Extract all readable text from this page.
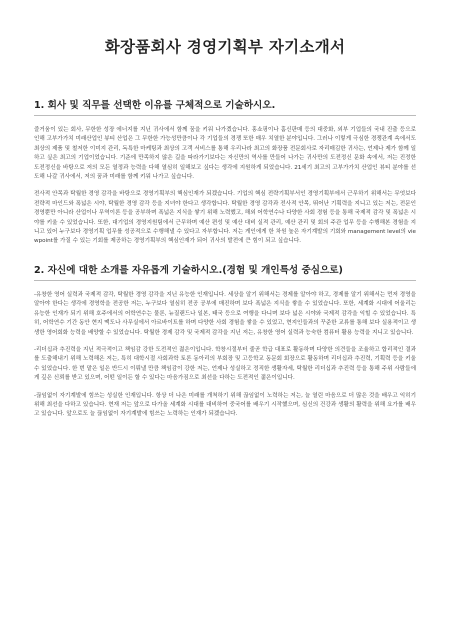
화장품회사 경영기획부 자기소개서
1. 회사 및 직무를 선택한 이유를 구체적으로 기술하시오.

즐거움이 있는 회사, 무한한 성장 에너지를 지닌 귀사에서 함께 꿈을 키워 나가겠습니다. 홍쇼핑이나 홈신판매 등의 대중화, 외부 기업들의 국내 진출 등으로 인해 고부가가치 미래산업인 뷰티 산업은 그 무한한 가능성만큼이나 각 기업들의 경쟁 또한 매우 치열한 분야입니다. 그러나 이렇게 극심한 경쟁관계 속에서도 최상의 제품 및 철저한 이미지 관리, 독특한 마케팅과 최상의 고객 서비스를 통해 우리나라 최고의 화장품 전문회사로 자리매김한 귀사는, 언제나 제가 함께 일하고 싶은 최고의 기업이었습니다. 기준에 만족하지 않은 길을 따라가기보다는 자신만의 역사를 만들어 나가는 귀사만의 도전정신 문화 속에서, 저는 진정한 도전정신을 바탕으로 저의 모든 열정과 능력을 다해 열심히 일해보고 싶다는 생각에 지원하게 되었습니다. 21세기 최고의 고부가가치 산업인 뷰티 분야를 선도해 나갈 귀사에서, 저의 꿈과 미래를 함께 키워 나가고 싶습니다.

전사적 안목과 탁월한 경영 감각을 바탕으로 경영기획부의 핵심인재가 되겠습니다. 기업의 핵심 전략기획부서인 경영기획부에서 근무하기 위해서는 무엇보다 전략적 마인드와 폭넓은 시야, 탁월한 경영 감각 등을 지녀야 한다고 생각합니다. 탁월한 경영 감각과 전사적 안목, 뛰어난 기획력을 지니고 있는 저는, 전문인 경영뿐만 아니라 산업이나 무역이론 등을 공부하며 폭넓은 지식을 쌓기 위해 노력했고, 해외 어학연수나 다양한 사회 경험 등을 통해 국제적 감각 및 폭넓은 시야를 키울 수 있었습니다. 또한, 대기업의 경영지원팀에서 근무하며 예산 편성 및 예산 대비 실적 관리, 예산 관리 및 회의 주관 업무 등을 수행해본 경험을 지니고 있어 누구보다 경영기획 업무를 성공적으로 수행해낼 수 있다고 자부합니다. 저는 게인에게 한 차원 높은 자기계발의 기회와 management level의 viewpoint를 가질 수 있는 기회를 제공하는 경영기획부의 핵심인재가 되어 귀사의 발전에 큰 힘이 되고 싶습니다.

2. 자신에 대한 소개를 자유롭게 기술하시오.(경험 및 개인특성 중심으로)

-유창한 영어 실력과 국제적 감각, 탁월한 경영 감각을 지닌 유능한 인재입니다. 세상을 알기 위해서는 경제를 알아야 하고, 경제를 알기 위해서는 먼저 경영을 알아야 한다는 생각에 경영학을 전공한 저는, 누구보다 열심히 전공 공부에 매진하며 보다 폭넓은 지식을 쌓을 수 있었습니다. 또한, 세계화 시대에 어울리는 유능한 인재가 되기 위해 호주에서의 어학연수는 물론, 뉴질랜드나 일본, 태국 등으로 여행을 다니며 보다 넓은 시야와 국제적 감각을 익힐 수 있었습니다. 특히, 어학연수 기간 동안 현지 맥도나 사무실에서 아르바이트를 하며 다양한 사회 경험을 쌓을 수 있었고, 현지인들과의 꾸준한 교류를 통해 보다 실용적이고 생생한 영어회화 능력을 배양할 수 있었습니다. 탁월한 경제 감각 및 국제적 감각을 지닌 저는, 유창한 영어 실력과 능숙한 컴퓨터 활용 능력을 지니고 있습니다.

-리더십과 추진력을 지닌 적극적이고 책임감 강한 도전적인 젊은이입니다. 학창시절부터 줄곧 학급 대표로 활동하며 다양한 의견들을 조율하고 합리적인 결과를 도출해내기 위해 노력해온 저는, 특히 대학시절 사회과학 토론 동아리의 부회장 및 고등학교 동문회 회장으로 활동하며 리더십과 추진력, 기획력 등을 키울 수 있었습니다. 한 번 맡은 일은 반드시 이뤄낼 만큼 책임감이 강한 저는, 언제나 성실하고 정직한 생활자세, 탁월한 리더십과 추진력 등을 통해 주위 사람들에게 깊은 신뢰를 받고 있으며, 어떤 일이든 할 수 있다는 마음가짐으로 최선을 다하는 도전적인 젊은이입니다.

-끊임없이 자기계발에 힘쓰는 성실한 인재입니다. 항상 더 나은 미래를 개척하기 위해 끊임없이 노력하는 저는, 늘 열린 마음으로 더 많은 것을 배우고 익히기 위해 최선을 다하고 있습니다. 현재 저는 앞으로 다가올 세계화 시대를 대비하여 중국어를 배우기 시작했으며, 심신의 건강과 생활의 활력을 위해 요가를 배우고 있습니다. 앞으로도 늘 끊임없이 자기계발에 힘쓰는 노력하는 인재가 되겠습니다.
